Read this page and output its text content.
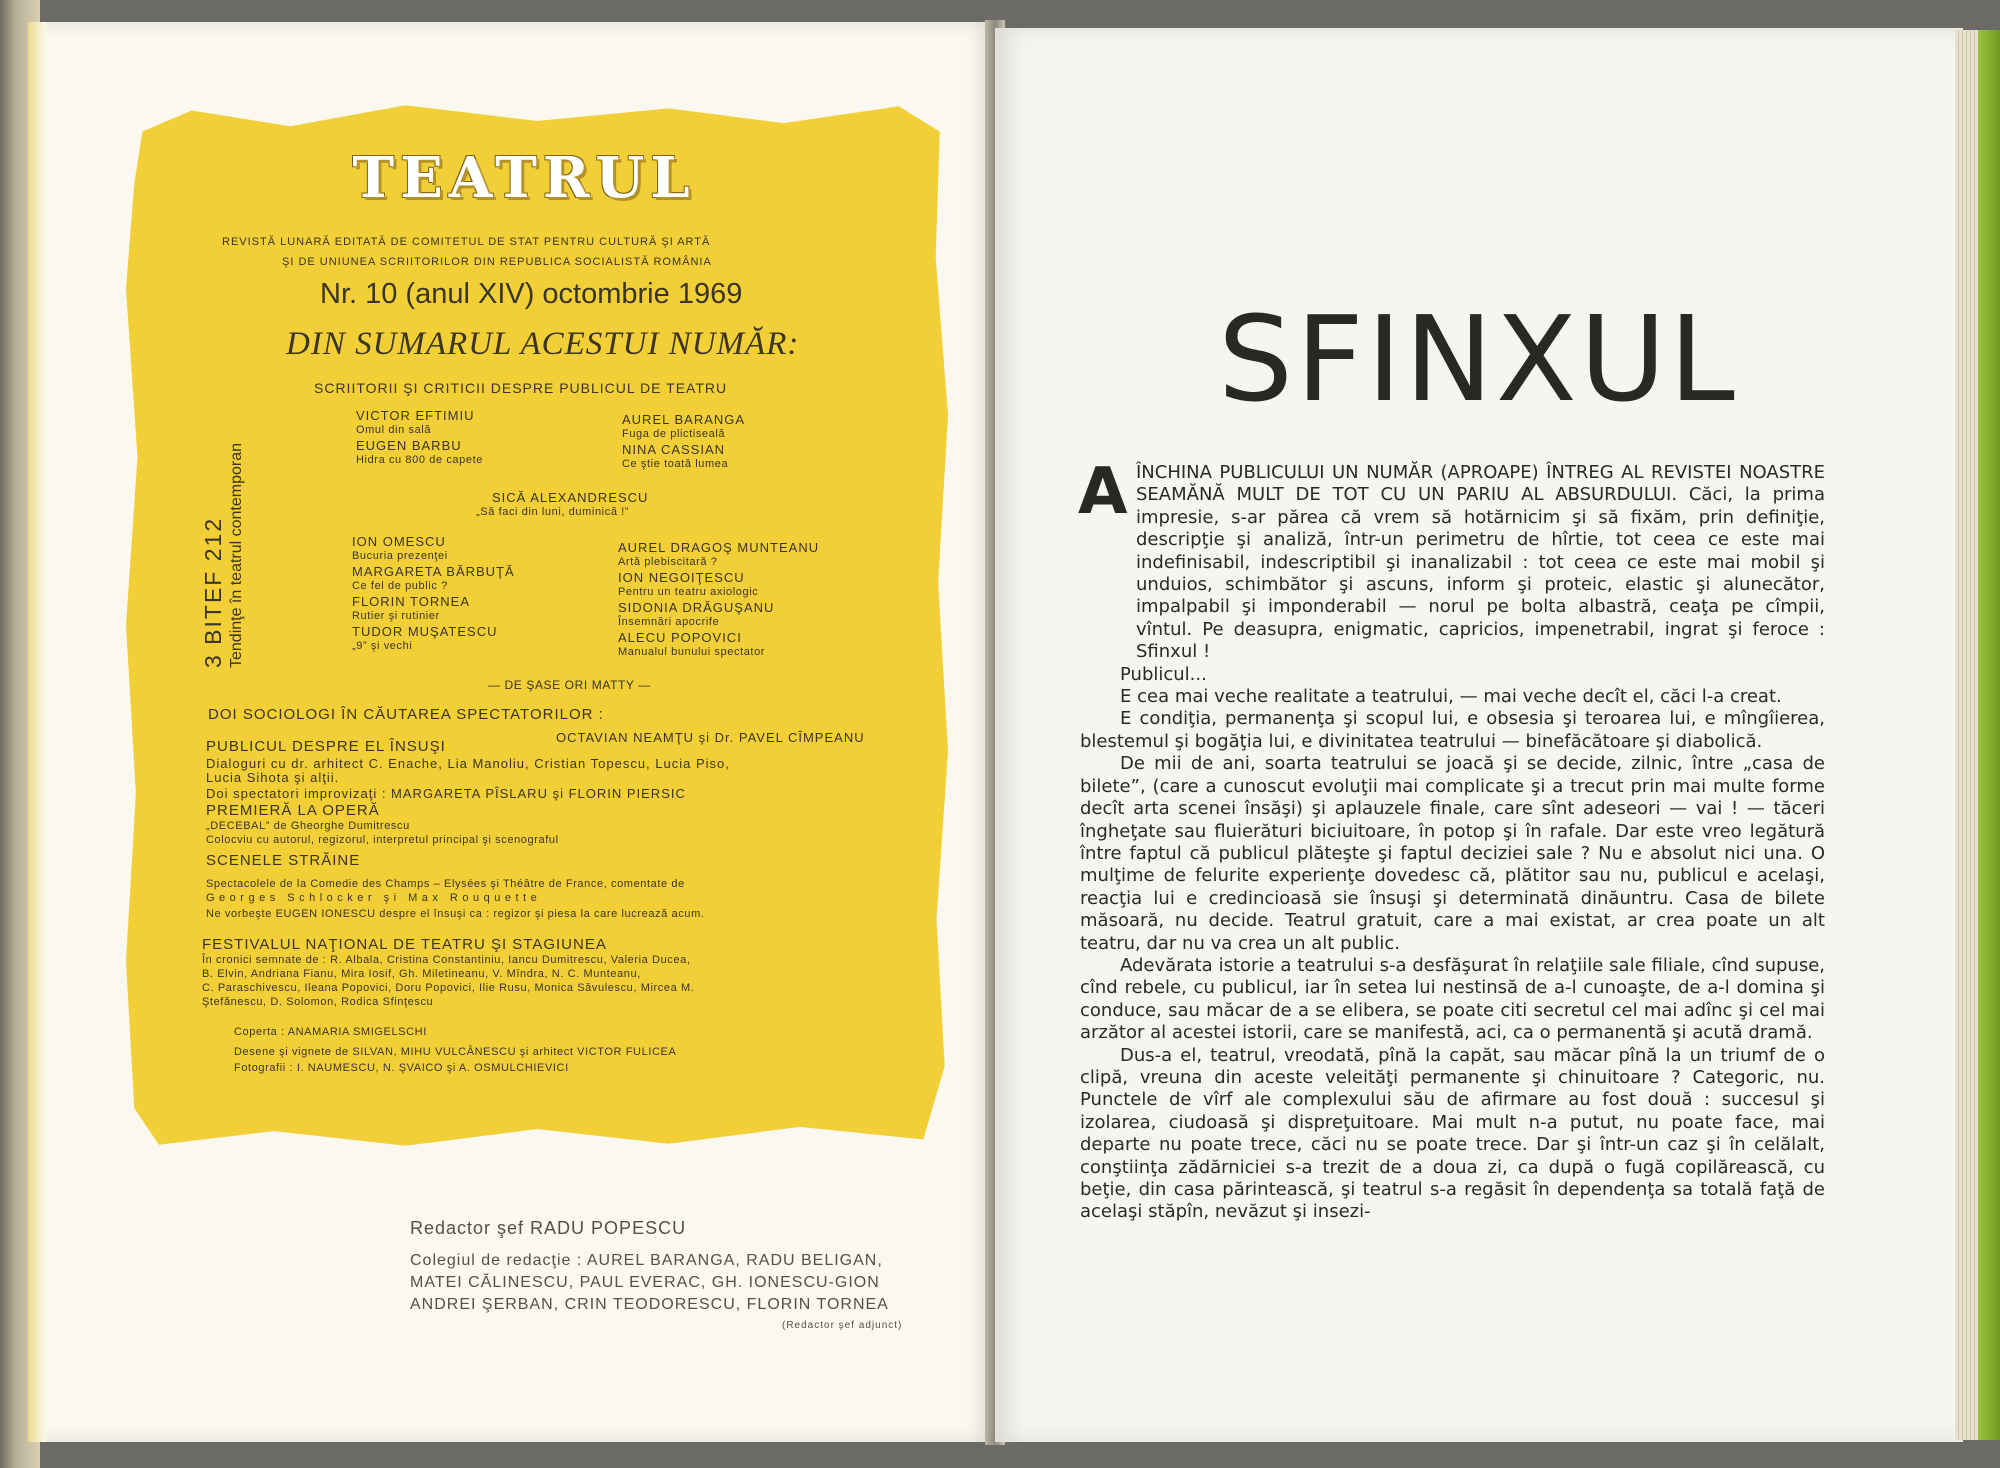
TEATRUL
REVISTĂ LUNARĂ EDITATĂ DE COMITETUL DE STAT PENTRU CULTURĂ ŞI ARTĂ
ŞI DE UNIUNEA SCRIITORILOR DIN REPUBLICA SOCIALISTĂ ROMÂNIA
Nr. 10 (anul XIV) octombrie 1969
DIN SUMARUL ACESTUI NUMĂR:
3 BITEF 212 Tendinţe în teatrul contemporan
SCRIITORII ŞI CRITICII DESPRE PUBLICUL DE TEATRU
VICTOR EFTIMIU
Omul din sală
EUGEN BARBU
Hidra cu 800 de capete
AUREL BARANGA
Fuga de plictiseală
NINA CASSIAN
Ce ştie toată lumea
SICĂ ALEXANDRESCU
„Să faci din luni, duminică !”
ION OMESCU
Bucuria prezenţei
MARGARETA BĂRBUŢĂ
Ce fel de public ?
FLORIN TORNEA
Rutier şi rutinier
TUDOR MUŞATESCU
„9” şi vechi
AUREL DRAGOŞ MUNTEANU
Artă plebiscitară ?
ION NEGOIŢESCU
Pentru un teatru axiologic
SIDONIA DRĂGUŞANU
Însemnări apocrife
ALECU POPOVICI
Manualul bunului spectator
— DE ŞASE ORI MATTY —
DOI SOCIOLOGI ÎN CĂUTAREA SPECTATORILOR :
OCTAVIAN NEAMŢU şi Dr. PAVEL CÎMPEANU
PUBLICUL DESPRE EL ÎNSUŞI
Dialoguri cu dr. arhitect C. Enache, Lia Manoliu, Cristian Topescu, Lucia Piso,
Lucia Sihota şi alţii.
Doi spectatori improvizaţi : MARGARETA PÎSLARU şi FLORIN PIERSIC
PREMIERĂ LA OPERĂ
„DECEBAL” de Gheorghe Dumitrescu
Colocviu cu autorul, regizorul, interpretul principal şi scenograful
SCENELE STRĂINE
Spectacolele de la Comedie des Champs – Elysées şi Théâtre de France, comentate de
Georges Schlocker şi Max Rouquette
Ne vorbeşte EUGEN IONESCU despre el însuşi ca : regizor şi piesa la care lucrează acum.
FESTIVALUL NAŢIONAL DE TEATRU ŞI STAGIUNEA
În cronici semnate de : R. Albala, Cristina Constantiniu, Iancu Dumitrescu, Valeria Ducea,
B. Elvin, Andriana Fianu, Mira Iosif, Gh. Miletineanu, V. Mîndra, N. C. Munteanu,
C. Paraschivescu, Ileana Popovici, Doru Popovici, Ilie Rusu, Monica Săvulescu, Mircea M.
Ştefănescu, D. Solomon, Rodica Sfinţescu
Coperta : ANAMARIA SMIGELSCHI
Desene şi vignete de SILVAN, MIHU VULCĂNESCU şi arhitect VICTOR FULICEA
Fotografii : I. NAUMESCU, N. ŞVAICO şi A. OSMULCHIEVICI
Redactor şef RADU POPESCU
Colegiul de redacţie : AUREL BARANGA, RADU BELIGAN,
MATEI CĂLINESCU, PAUL EVERAC, GH. IONESCU-GION
ANDREI ŞERBAN, CRIN TEODORESCU, FLORIN TORNEA
(Redactor şef adjunct)
SFINXUL
A ÎNCHINA PUBLICULUI UN NUMĂR (APROAPE) ÎNTREG AL REVISTEI NOASTRE SEAMĂNĂ MULT DE TOT CU UN PARIU AL ABSURDULUI. Căci, la prima impresie, s-ar părea că vrem să hotărnicim şi să fixăm, prin definiţie, descripţie şi analiză, într-un perimetru de hîrtie, tot ceea ce este mai indefinisabil, indescriptibil şi inanalizabil : tot ceea ce este mai mobil şi unduios, schimbător şi ascuns, inform şi proteic, elastic şi alunecător, impalpabil şi imponderabil — norul pe bolta albastră, ceaţa pe cîmpii, vîntul. Pe deasupra, enigmatic, capricios, impenetrabil, ingrat şi feroce : Sfinxul !

Publicul...

E cea mai veche realitate a teatrului, — mai veche decît el, căci l-a creat.

E condiţia, permanenţa şi scopul lui, e obsesia şi teroarea lui, e mîngîierea, blestemul şi bogăţia lui, e divinitatea teatrului — binefăcătoare şi diabolică.

De mii de ani, soarta teatrului se joacă şi se decide, zilnic, între „casa de bilete”, (care a cunoscut evoluţii mai complicate şi a trecut prin mai multe forme decît arta scenei însăşi) şi aplauzele finale, care sînt adeseori — vai ! — tăceri îngheţate sau fluierături biciuitoare, în potop şi în rafale. Dar este vreo legătură între faptul că publicul plăteşte şi faptul deciziei sale ? Nu e absolut nici una. O mulţime de felurite experienţe dovedesc că, plătitor sau nu, publicul e acelaşi, reacţia lui e credincioasă sie însuşi şi determinată dinăuntru. Casa de bilete măsoară, nu decide. Teatrul gratuit, care a mai existat, ar crea poate un alt teatru, dar nu va crea un alt public.

Adevărata istorie a teatrului s-a desfăşurat în relaţiile sale filiale, cînd supuse, cînd rebele, cu publicul, iar în setea lui nestinsă de a-l cunoaşte, de a-l domina şi conduce, sau măcar de a se elibera, se poate citi secretul cel mai adînc şi cel mai arzător al acestei istorii, care se manifestă, aci, ca o permanentă şi acută dramă.

Dus-a el, teatrul, vreodată, pînă la capăt, sau măcar pînă la un triumf de o clipă, vreuna din aceste veleităţi permanente şi chinuitoare ? Categoric, nu. Punctele de vîrf ale complexului său de afirmare au fost două : succesul şi izolarea, ciudoasă şi dispreţuitoare. Mai mult n-a putut, nu poate face, mai departe nu poate trece, căci nu se poate trece. Dar şi într-un caz şi în celălalt, conştiinţa zădărniciei s-a trezit de a doua zi, ca după o fugă copilărească, cu beţie, din casa părintească, şi teatrul s-a regăsit în dependenţa sa totală faţă de acelaşi stăpîn, nevăzut şi insezi-
